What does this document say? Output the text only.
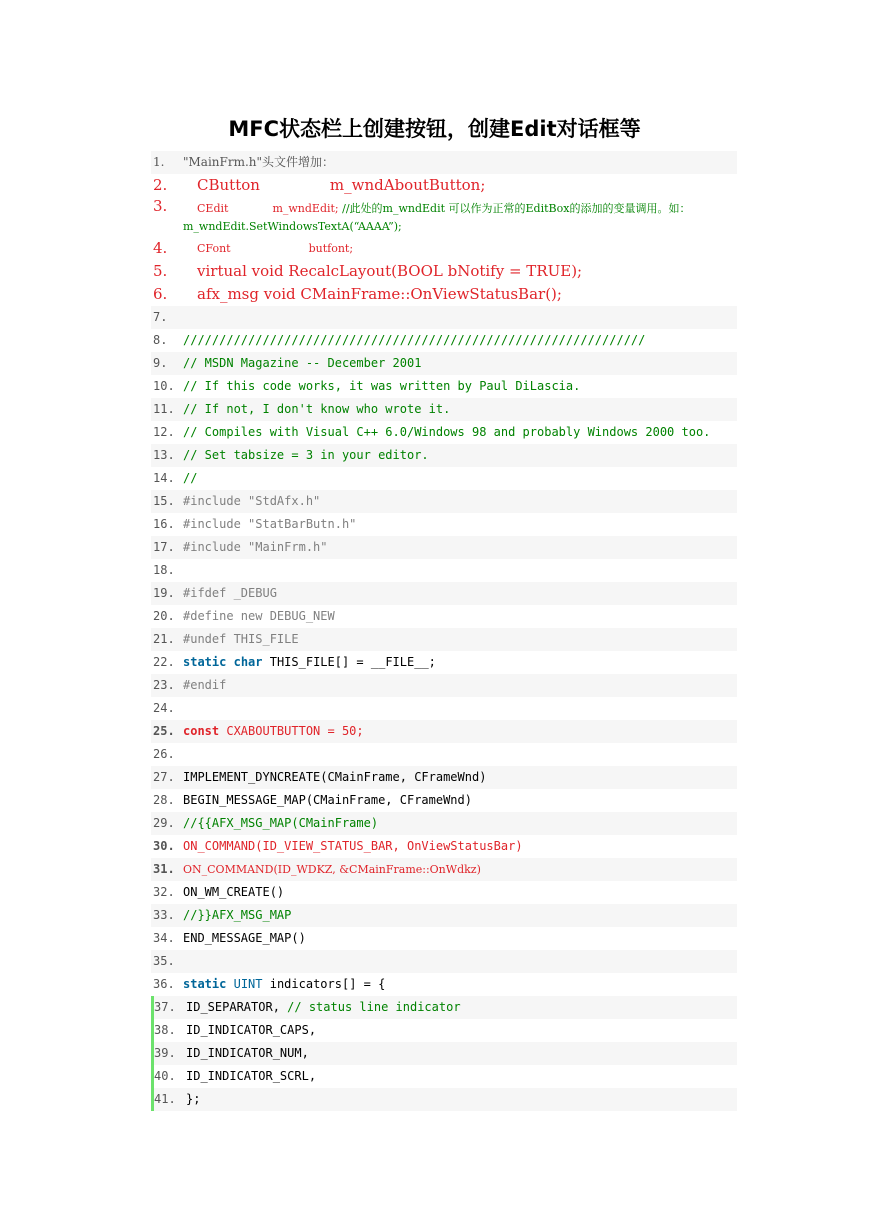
MFC状态栏上创建按钮，创建Edit对话框等
1.	"MainFrm.h"头文件增加：
2.	CButton	m_wndAboutButton;
3.	CEdit	m_wndEdit; //此处的m_wndEdit 可以作为正常的EditBox的添加的变量调用。如：m_wndEdit.SetWindowsTextA(“AAAA”);
4.	CFont	butfont;
5.	virtual void RecalcLayout(BOOL bNotify = TRUE);
6.	afx_msg void CMainFrame::OnViewStatusBar();
7.
8.	////////////////////////////////////////////////////////////////
9.	// MSDN Magazine -- December 2001
10. // If this code works, it was written by Paul DiLascia.
11. // If not, I don't know who wrote it.
12. // Compiles with Visual C++ 6.0/Windows 98 and probably Windows 2000 too.
13. // Set tabsize = 3 in your editor.
14. //
15. #include "StdAfx.h"
16. #include "StatBarButn.h"
17. #include "MainFrm.h"
18.
19. #ifdef _DEBUG
20. #define new DEBUG_NEW
21. #undef THIS_FILE
22. static char THIS_FILE[] = __FILE__;
23. #endif
24.
25. const CXABOUTBUTTON = 50;
26.
27. IMPLEMENT_DYNCREATE(CMainFrame, CFrameWnd)
28. BEGIN_MESSAGE_MAP(CMainFrame, CFrameWnd)
29. //{{AFX_MSG_MAP(CMainFrame)
30. ON_COMMAND(ID_VIEW_STATUS_BAR, OnViewStatusBar)
31. ON_COMMAND(ID_WDKZ, &CMainFrame::OnWdkz)
32. ON_WM_CREATE()
33. //}}AFX_MSG_MAP
34. END_MESSAGE_MAP()
35.
36. static UINT indicators[] = {
37. ID_SEPARATOR, // status line indicator
38. ID_INDICATOR_CAPS,
39. ID_INDICATOR_NUM,
40. ID_INDICATOR_SCRL,
41. };
